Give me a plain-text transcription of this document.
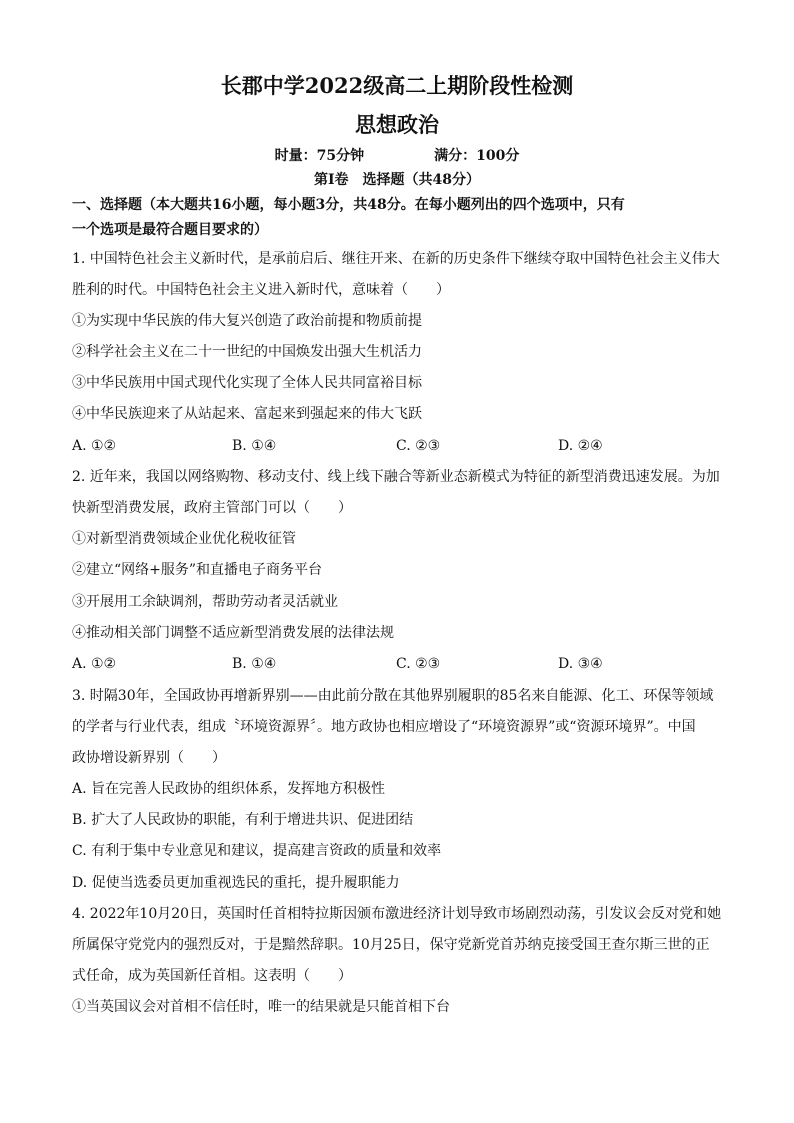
长郡中学2022级高二上期阶段性检测
思想政治
时量：75分钟	满分：100分
第Ⅰ卷　选择题（共48分）
一、选择题（本大题共16小题，每小题3分，共48分。在每小题列出的四个选项中，只有
一个选项是最符合题目要求的）
1. 中国特色社会主义新时代，是承前启后、继往开来、在新的历史条件下继续夺取中国特色社会主义伟大
胜利的时代。中国特色社会主义进入新时代，意味着（　　）
①为实现中华民族的伟大复兴创造了政治前提和物质前提
②科学社会主义在二十一世纪的中国焕发出强大生机活力
③中华民族用中国式现代化实现了全体人民共同富裕目标
④中华民族迎来了从站起来、富起来到强起来的伟大飞跃
A. ①②	B. ①④	C. ②③	D. ②④
2. 近年来，我国以网络购物、移动支付、线上线下融合等新业态新模式为特征的新型消费迅速发展。为加
快新型消费发展，政府主管部门可以（　　）
①对新型消费领域企业优化税收征管
②建立“网络+服务”和直播电子商务平台
③开展用工余缺调剂，帮助劳动者灵活就业
④推动相关部门调整不适应新型消费发展的法律法规
A. ①②	B. ①④	C. ②③	D. ③④
3. 时隔30年，全国政协再增新界别——由此前分散在其他界别履职的85名来自能源、化工、环保等领域
的学者与行业代表，组成〝环境资源界〞。地方政协也相应增设了“环境资源界”或“资源环境界”。中国
政协增设新界别（　　）
A. 旨在完善人民政协的组织体系，发挥地方积极性
B. 扩大了人民政协的职能，有利于增进共识、促进团结
C. 有利于集中专业意见和建议，提高建言资政的质量和效率
D. 促使当选委员更加重视选民的重托，提升履职能力
4. 2022年10月20日，英国时任首相特拉斯因颁布激进经济计划导致市场剧烈动荡，引发议会反对党和她
所属保守党党内的强烈反对，于是黯然辞职。10月25日，保守党新党首苏纳克接受国王查尔斯三世的正
式任命，成为英国新任首相。这表明（　　）
①当英国议会对首相不信任时，唯一的结果就是只能首相下台
